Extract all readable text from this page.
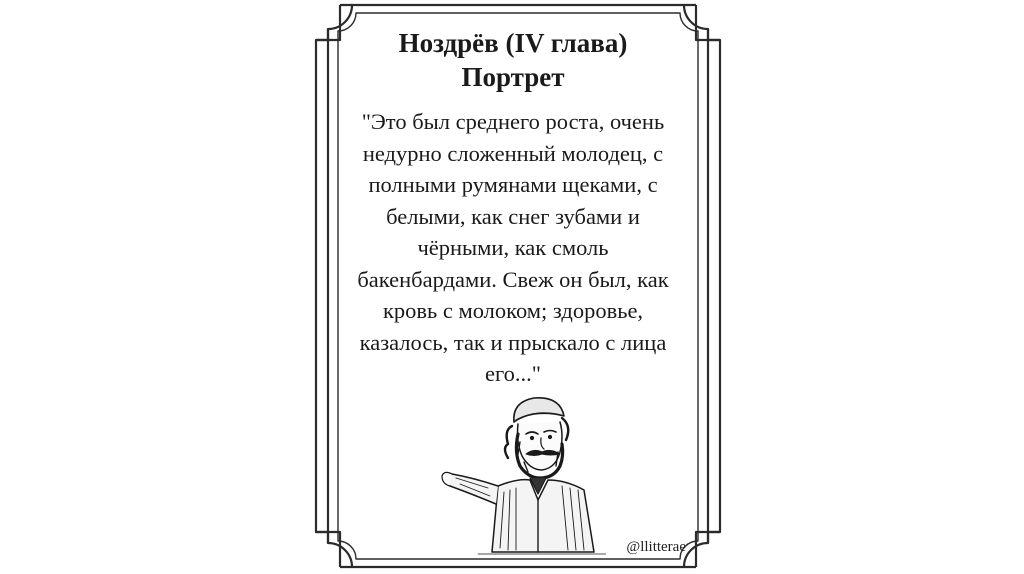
Ноздрёв (IV глава)
Портрет

"Это был среднего роста, очень
недурно сложенный молодец, с
полными румянами щеками, с
белыми, как снег зубами и
чёрными, как смоль
бакенбардами. Свеж он был, как
кровь с молоком; здоровье,
казалось, так и прыскало с лица
его..."

@llitterae
